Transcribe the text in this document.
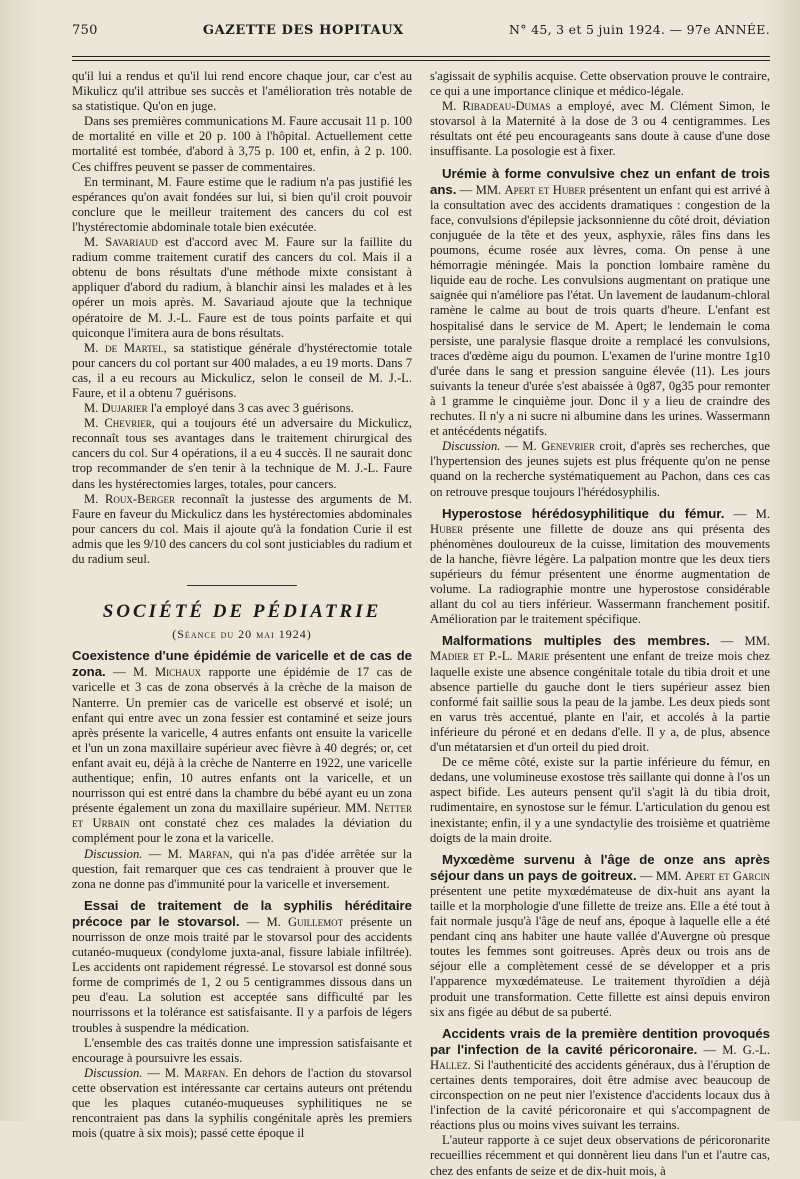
750	GAZETTE DES HOPITAUX	N° 45, 3 et 5 juin 1924. — 97e ANNÉE.

qu'il lui a rendus et qu'il lui rend encore chaque jour, car c'est au Mikulicz qu'il attribue ses succès et l'amélioration très notable de sa statistique. Qu'on en juge.

Dans ses premières communications M. Faure accusait 11 p. 100 de mortalité en ville et 20 p. 100 à l'hôpital. Actuellement cette mortalité est tombée, d'abord à 3,75 p. 100 et, enfin, à 2 p. 100. Ces chiffres peuvent se passer de commentaires.

En terminant, M. Faure estime que le radium n'a pas justifié les espérances qu'on avait fondées sur lui, si bien qu'il croit pouvoir conclure que le meilleur traitement des cancers du col est l'hystérectomie abdominale totale bien exécutée.

M. Savariaud est d'accord avec M. Faure sur la faillite du radium comme traitement curatif des cancers du col. Mais il a obtenu de bons résultats d'une méthode mixte consistant à appliquer d'abord du radium, à blanchir ainsi les malades et à les opérer un mois après. M. Savariaud ajoute que la technique opératoire de M. J.-L. Faure est de tous points parfaite et qui quiconque l'imitera aura de bons résultats.

M. de Martel, sa statistique générale d'hystérectomie totale pour cancers du col portant sur 400 malades, a eu 19 morts. Dans 7 cas, il a eu recours au Mickulicz, selon le conseil de M. J.-L. Faure, et il a obtenu 7 guérisons.

M. Dujarier l'a employé dans 3 cas avec 3 guérisons.

M. Chevrier, qui a toujours été un adversaire du Mickulicz, reconnaît tous ses avantages dans le traitement chirurgical des cancers du col. Sur 4 opérations, il a eu 4 succès. Il ne saurait donc trop recommander de s'en tenir à la technique de M. J.-L. Faure dans les hystérectomies larges, totales, pour cancers.

M. Roux-Berger reconnaît la justesse des arguments de M. Faure en faveur du Mickulicz dans les hystérectomies abdominales pour cancers du col. Mais il ajoute qu'à la fondation Curie il est admis que les 9/10 des cancers du col sont justiciables du radium et du radium seul.

SOCIÉTÉ DE PÉDIATRIE
(Séance du 20 mai 1924)

Coexistence d'une épidémie de varicelle et de cas de zona. — M. Michaux rapporte une épidémie de 17 cas de varicelle et 3 cas de zona observés à la crèche de la maison de Nanterre. Un premier cas de varicelle est observé et isolé; un enfant qui entre avec un zona fessier est contaminé et seize jours après présente la varicelle, 4 autres enfants ont ensuite la varicelle et l'un un zona maxillaire supérieur avec fièvre à 40 degrés; or, cet enfant avait eu, déjà à la crèche de Nanterre en 1922, une varicelle authentique; enfin, 10 autres enfants ont la varicelle, et un nourrisson qui est entré dans la chambre du bébé ayant eu un zona présente également un zona du maxillaire supérieur. MM. Netter et Urbain ont constaté chez ces malades la déviation du complément pour le zona et la varicelle.

Discussion. — M. Marfan, qui n'a pas d'idée arrêtée sur la question, fait remarquer que ces cas tendraient à prouver que le zona ne donne pas d'immunité pour la varicelle et inversement.

Essai de traitement de la syphilis héréditaire précoce par le stovarsol. — M. Guillemot présente un nourrisson de onze mois traité par le stovarsol pour des accidents cutanéo-muqueux (condylome juxta-anal, fissure labiale infiltrée). Les accidents ont rapidement régressé. Le stovarsol est donné sous forme de comprimés de 1, 2 ou 5 centigrammes dissous dans un peu d'eau. La solution est acceptée sans difficulté par les nourrissons et la tolérance est satisfaisante. Il y a parfois de légers troubles à suspendre la médication.

L'ensemble des cas traités donne une impression satisfaisante et encourage à poursuivre les essais.

Discussion. — M. Marfan. En dehors de l'action du stovarsol cette observation est intéressante car certains auteurs ont prétendu que les plaques cutanéo-muqueuses syphilitiques ne se rencontraient pas dans la syphilis congénitale après les premiers mois (quatre à six mois); passé cette époque il

s'agissait de syphilis acquise. Cette observation prouve le contraire, ce qui a une importance clinique et médico-légale.

M. Ribadeau-Dumas a employé, avec M. Clément Simon, le stovarsol à la Maternité à la dose de 3 ou 4 centigrammes. Les résultats ont été peu encourageants sans doute à cause d'une dose insuffisante. La posologie est à fixer.

Urémie à forme convulsive chez un enfant de trois ans. — MM. Apert et Huber présentent un enfant qui est arrivé à la consultation avec des accidents dramatiques : congestion de la face, convulsions d'épilepsie jacksonnienne du côté droit, déviation conjuguée de la tête et des yeux, asphyxie, râles fins dans les poumons, écume rosée aux lèvres, coma. On pense à une hémorragie méningée. Mais la ponction lombaire ramène du liquide eau de roche. Les convulsions augmentant on pratique une saignée qui n'améliore pas l'état. Un lavement de laudanum-chloral ramène le calme au bout de trois quarts d'heure. L'enfant est hospitalisé dans le service de M. Apert; le lendemain le coma persiste, une paralysie flasque droite a remplacé les convulsions, traces d'œdème aigu du poumon. L'examen de l'urine montre 1g10 d'urée dans le sang et pression sanguine élevée (11). Les jours suivants la teneur d'urée s'est abaissée à 0g87, 0g35 pour remonter à 1 gramme le cinquième jour. Donc il y a lieu de craindre des rechutes. Il n'y a ni sucre ni albumine dans les urines. Wassermann et antécédents négatifs.

Discussion. — M. Genevrier croit, d'après ses recherches, que l'hypertension des jeunes sujets est plus fréquente qu'on ne pense quand on la recherche systématiquement au Pachon, dans ces cas on retrouve presque toujours l'hérédosyphilis.

Hyperostose hérédosyphilitique du fémur. — M. Huber présente une fillette de douze ans qui présenta des phénomènes douloureux de la cuisse, limitation des mouvements de la hanche, fièvre légère. La palpation montre que les deux tiers supérieurs du fémur présentent une énorme augmentation de volume. La radiographie montre une hyperostose considérable allant du col au tiers inférieur. Wassermann franchement positif. Amélioration par le traitement spécifique.

Malformations multiples des membres. — MM. Madier et P.-L. Marie présentent une enfant de treize mois chez laquelle existe une absence congénitale totale du tibia droit et une absence partielle du gauche dont le tiers supérieur assez bien conformé fait saillie sous la peau de la jambe. Les deux pieds sont en varus très accentué, plante en l'air, et accolés à la partie inférieure du péroné et en dedans d'elle. Il y a, de plus, absence d'un métatarsien et d'un orteil du pied droit.

De ce même côté, existe sur la partie inférieure du fémur, en dedans, une volumineuse exostose très saillante qui donne à l'os un aspect bifide. Les auteurs pensent qu'il s'agit là du tibia droit, rudimentaire, en synostose sur le fémur. L'articulation du genou est inexistante; enfin, il y a une syndactylie des troisième et quatrième doigts de la main droite.

Myxœdème survenu à l'âge de onze ans après séjour dans un pays de goitreux. — MM. Apert et Garcin présentent une petite myxœdémateuse de dix-huit ans ayant la taille et la morphologie d'une fillette de treize ans. Elle a été tout à fait normale jusqu'à l'âge de neuf ans, époque à laquelle elle a été pendant cinq ans habiter une haute vallée d'Auvergne où presque toutes les femmes sont goitreuses. Après deux ou trois ans de séjour elle a complètement cessé de se développer et a pris l'apparence myxœdémateuse. Le traitement thyroïdien a déjà produit une transformation. Cette fillette est ainsi depuis environ six ans figée au début de sa puberté.

Accidents vrais de la première dentition provoqués par l'infection de la cavité péricoronaire. — M. G.-L. Hallez. Si l'authenticité des accidents généraux, dus à l'éruption de certaines dents temporaires, doit être admise avec beaucoup de circonspection on ne peut nier l'existence d'accidents locaux dus à l'infection de la cavité péricoronaire et qui s'accompagnent de réactions plus ou moins vives suivant les terrains.

L'auteur rapporte à ce sujet deux observations de péricoronarite recueillies récemment et qui donnèrent lieu dans l'un et l'autre cas, chez des enfants de seize et de dix-huit mois, à
